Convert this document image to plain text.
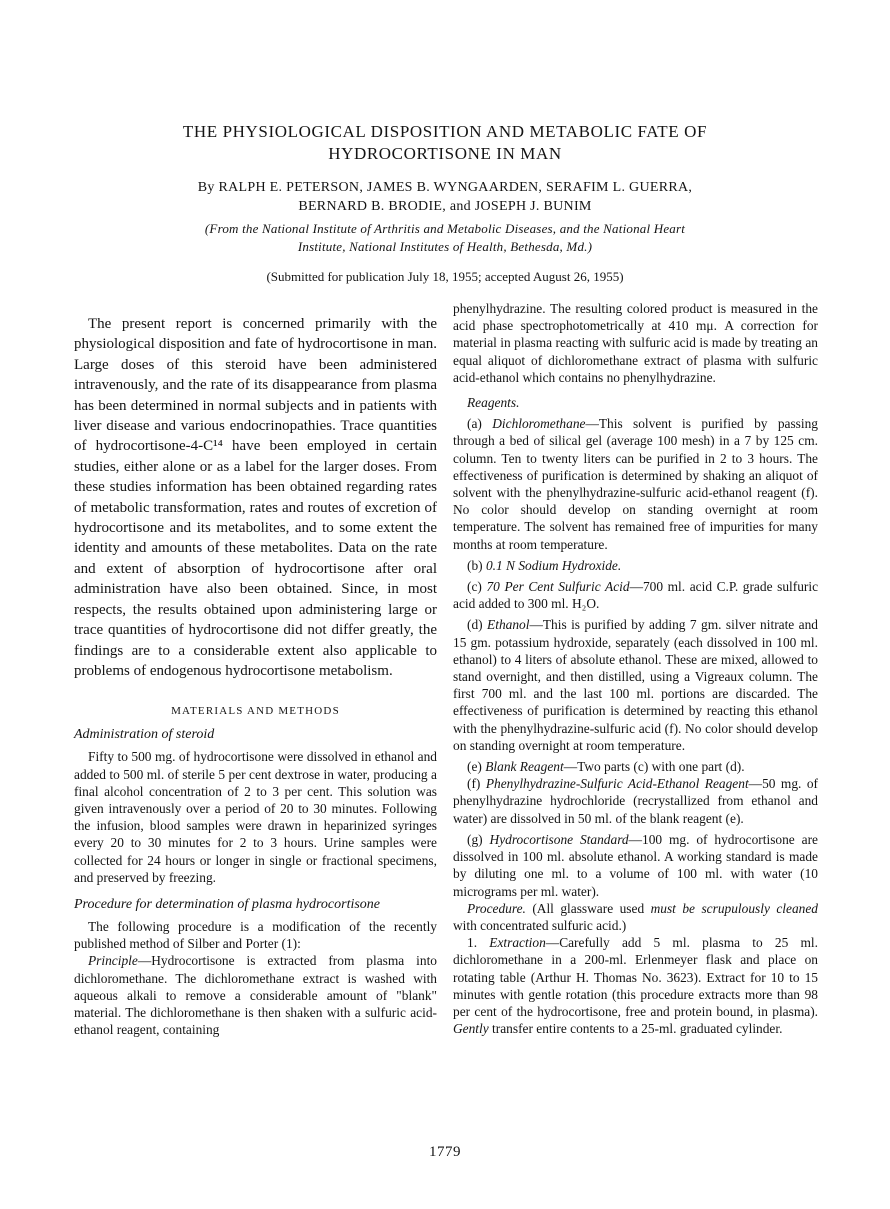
THE PHYSIOLOGICAL DISPOSITION AND METABOLIC FATE OF
HYDROCORTISONE IN MAN
By RALPH E. PETERSON, JAMES B. WYNGAARDEN, SERAFIM L. GUERRA,
BERNARD B. BRODIE, and JOSEPH J. BUNIM
(From the National Institute of Arthritis and Metabolic Diseases, and the National Heart
Institute, National Institutes of Health, Bethesda, Md.)
(Submitted for publication July 18, 1955; accepted August 26, 1955)

The present report is concerned primarily with the physiological disposition and fate of hydrocortisone in man. Large doses of this steroid have been administered intravenously, and the rate of its disappearance from plasma has been determined in normal subjects and in patients with liver disease and various endocrinopathies. Trace quantities of hydrocortisone-4-C¹⁴ have been employed in certain studies, either alone or as a label for the larger doses. From these studies information has been obtained regarding rates of metabolic transformation, rates and routes of excretion of hydrocortisone and its metabolites, and to some extent the identity and amounts of these metabolites. Data on the rate and extent of absorption of hydrocortisone after oral administration have also been obtained. Since, in most respects, the results obtained upon administering large or trace quantities of hydrocortisone did not differ greatly, the findings are to a considerable extent also applicable to problems of endogenous hydrocortisone metabolism.

MATERIALS AND METHODS
Administration of steroid

Fifty to 500 mg. of hydrocortisone were dissolved in ethanol and added to 500 ml. of sterile 5 per cent dextrose in water, producing a final alcohol concentration of 2 to 3 per cent. This solution was given intravenously over a period of 20 to 30 minutes. Following the infusion, blood samples were drawn in heparinized syringes every 20 to 30 minutes for 2 to 3 hours. Urine samples were collected for 24 hours or longer in single or fractional specimens, and preserved by freezing.

Procedure for determination of plasma hydrocortisone

The following procedure is a modification of the recently published method of Silber and Porter (1):

Principle—Hydrocortisone is extracted from plasma into dichloromethane. The dichloromethane extract is washed with aqueous alkali to remove a considerable amount of "blank" material. The dichloromethane is then shaken with a sulfuric acid-ethanol reagent, containing

phenylhydrazine. The resulting colored product is measured in the acid phase spectrophotometrically at 410 mμ. A correction for material in plasma reacting with sulfuric acid is made by treating an equal aliquot of dichloromethane extract of plasma with sulfuric acid-ethanol which contains no phenylhydrazine.

Reagents.

(a) Dichloromethane—This solvent is purified by passing through a bed of silical gel (average 100 mesh) in a 7 by 125 cm. column. Ten to twenty liters can be purified in 2 to 3 hours. The effectiveness of purification is determined by shaking an aliquot of solvent with the phenylhydrazine-sulfuric acid-ethanol reagent (f). No color should develop on standing overnight at room temperature. The solvent has remained free of impurities for many months at room temperature.

(b) 0.1 N Sodium Hydroxide.

(c) 70 Per Cent Sulfuric Acid—700 ml. acid C.P. grade sulfuric acid added to 300 ml. H₂O.

(d) Ethanol—This is purified by adding 7 gm. silver nitrate and 15 gm. potassium hydroxide, separately (each dissolved in 100 ml. ethanol) to 4 liters of absolute ethanol. These are mixed, allowed to stand overnight, and then distilled, using a Vigreaux column. The first 700 ml. and the last 100 ml. portions are discarded. The effectiveness of purification is determined by reacting this ethanol with the phenylhydrazine-sulfuric acid (f). No color should develop on standing overnight at room temperature.

(e) Blank Reagent—Two parts (c) with one part (d).

(f) Phenylhydrazine-Sulfuric Acid-Ethanol Reagent—50 mg. of phenylhydrazine hydrochloride (recrystallized from ethanol and water) are dissolved in 50 ml. of the blank reagent (e).

(g) Hydrocortisone Standard—100 mg. of hydrocortisone are dissolved in 100 ml. absolute ethanol. A working standard is made by diluting one ml. to a volume of 100 ml. with water (10 micrograms per ml. water).

Procedure. (All glassware used must be scrupulously cleaned with concentrated sulfuric acid.)

1. Extraction—Carefully add 5 ml. plasma to 25 ml. dichloromethane in a 200-ml. Erlenmeyer flask and place on rotating table (Arthur H. Thomas No. 3623). Extract for 10 to 15 minutes with gentle rotation (this procedure extracts more than 98 per cent of the hydrocortisone, free and protein bound, in plasma). Gently transfer entire contents to a 25-ml. graduated cylinder.

1779
